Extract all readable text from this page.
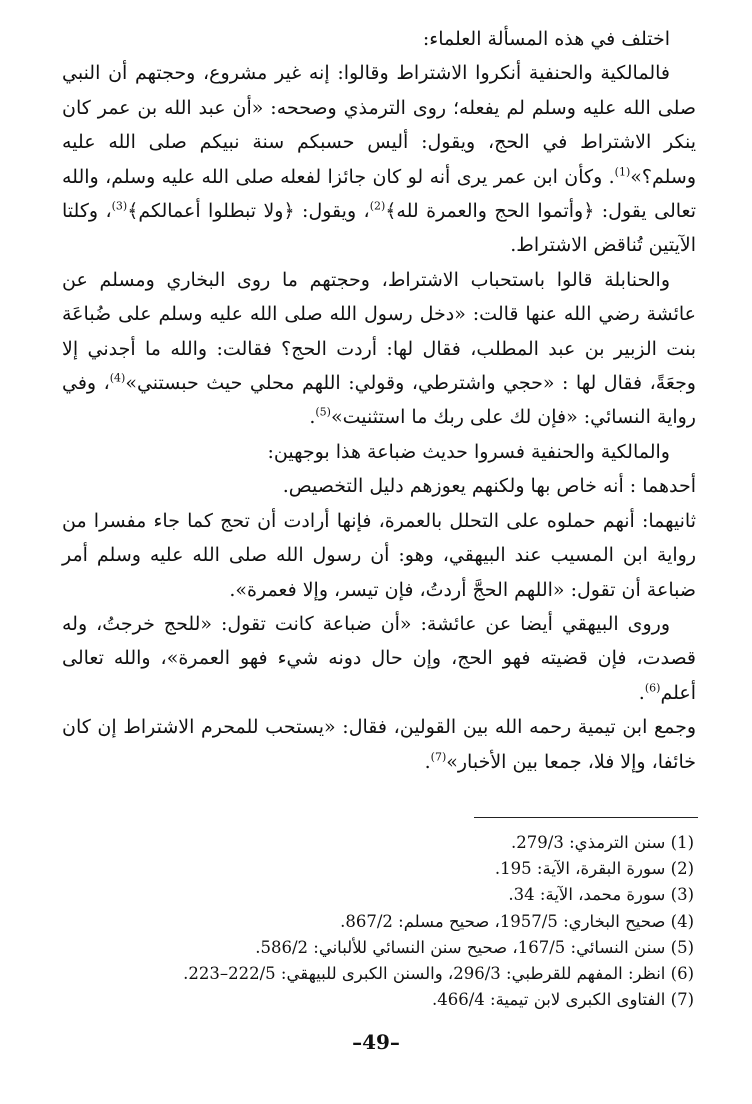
اختلف في هذه المسألة العلماء:

فالمالكية والحنفية أنكروا الاشتراط وقالوا: إنه غير مشروع، وحجتهم أن النبي صلى الله عليه وسلم لم يفعله؛ روى الترمذي وصححه: «أن عبد الله بن عمر كان ينكر الاشتراط في الحج، ويقول: أليس حسبكم سنة نبيكم صلى الله عليه وسلم؟»$^{(1)}$. وكأن ابن عمر يرى أنه لو كان جائزا لفعله صلى الله عليه وسلم، والله تعالى يقول: ﴿وأتموا الحج والعمرة لله﴾$^{(2)}$، ويقول: ﴿ولا تبطلوا أعمالكم﴾$^{(3)}$، وكلتا الآيتين تُناقض الاشتراط.

والحنابلة قالوا باستحباب الاشتراط، وحجتهم ما روى البخاري ومسلم عن عائشة رضي الله عنها قالت: «دخل رسول الله صلى الله عليه وسلم على ضُباعَة بنت الزبير بن عبد المطلب، فقال لها: أردت الحج؟ فقالت: والله ما أجدني إلا وجعَةً، فقال لها : «حجي واشترطي، وقولي: اللهم محلي حيث حبستني»$^{(4)}$، وفي رواية النسائي: «فإن لك على ربك ما استثنيت»$^{(5)}$.

والمالكية والحنفية فسروا حديث ضباعة هذا بوجهين:

أحدهما : أنه خاص بها ولكنهم يعوزهم دليل التخصيص.

ثانيهما: أنهم حملوه على التحلل بالعمرة، فإنها أرادت أن تحج كما جاء مفسرا من رواية ابن المسيب عند البيهقي، وهو: أن رسول الله صلى الله عليه وسلم أمر ضباعة أن تقول: «اللهم الحجَّ أردتُ، فإن تيسر، وإلا فعمرة».

وروى البيهقي أيضا عن عائشة: «أن ضباعة كانت تقول: «للحج خرجتُ، وله قصدت، فإن قضيته فهو الحج، وإن حال دونه شيء فهو العمرة»، والله تعالى أعلم$^{(6)}$.

وجمع ابن تيمية رحمه الله بين القولين، فقال: «يستحب للمحرم الاشتراط إن كان خائفا، وإلا فلا، جمعا بين الأخبار»$^{(7)}$.

(1) سنن الترمذي: 279/3.
(2) سورة البقرة، الآية: 195.
(3) سورة محمد، الآية: 34.
(4) صحيح البخاري: 1957/5، صحيح مسلم: 867/2.
(5) سنن النسائي: 167/5، صحيح سنن النسائي للألباني: 586/2.
(6) انظر: المفهم للقرطبي: 296/3، والسنن الكبرى للبيهقي: 222/5–223.
(7) الفتاوى الكبرى لابن تيمية: 466/4.
–49–
